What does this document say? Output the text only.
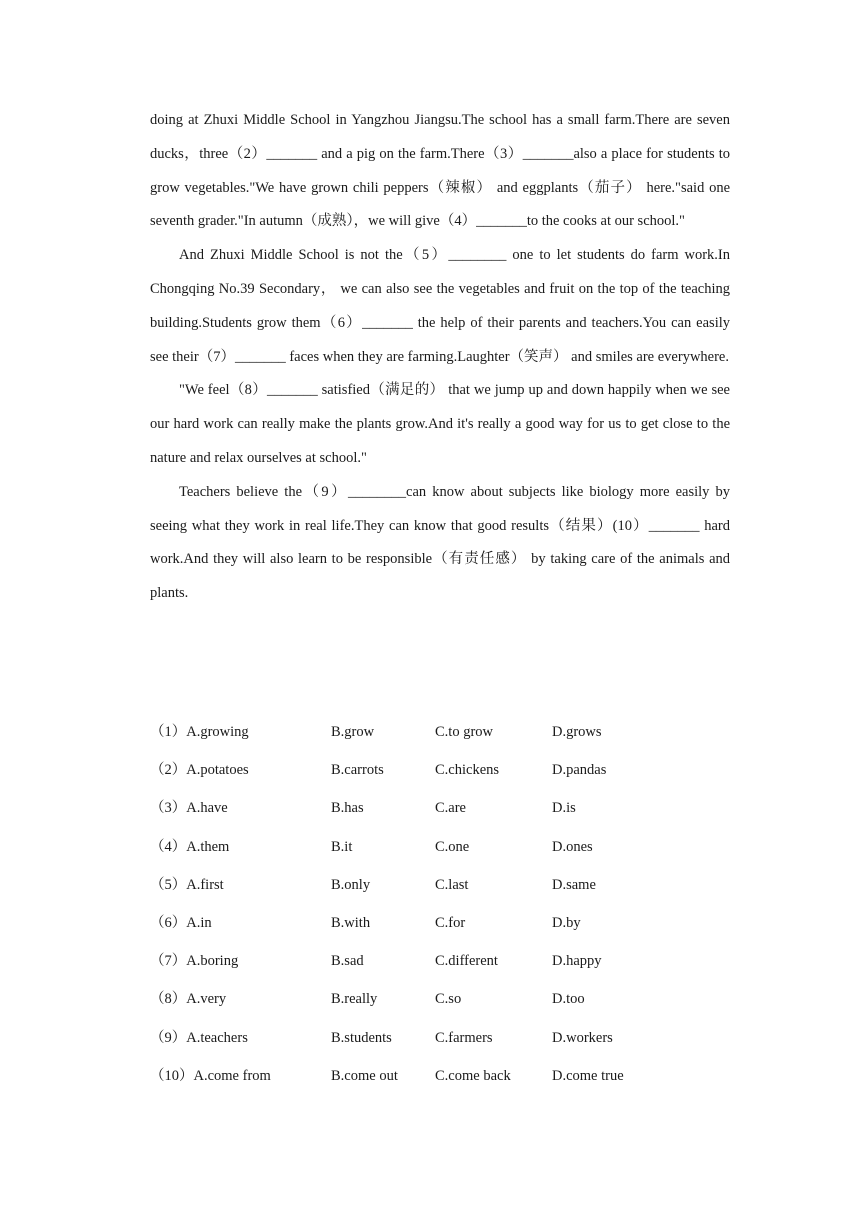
doing at Zhuxi Middle School in Yangzhou Jiangsu.The school has a small farm.There are seven ducks，three（2）_______ and a pig on the farm.There（3）_______also a place for students to grow vegetables."We have grown chili peppers（辣椒） and eggplants（茄子） here."said one seventh grader."In autumn（成熟），we will give（4）_______to the cooks at our school."

And Zhuxi Middle School is not the（5）________ one to let students do farm work.In Chongqing No.39 Secondary， we can also see the vegetables and fruit on the top of the teaching building.Students grow them（6）_______ the help of their parents and teachers.You can easily see their（7）_______ faces when they are farming.Laughter（笑声） and smiles are everywhere.

"We feel（8）_______ satisfied（满足的） that we jump up and down happily when we see our hard work can really make the plants grow.And it's really a good way for us to get close to the nature and relax ourselves at school."

Teachers believe the（9）________can know about subjects like biology more easily by seeing what they work in real life.They can know that good results（结果）(10）_______ hard work.And they will also learn to be responsible（有责任感） by taking care of the animals and plants.

（1）A.growing	B.grow	C.to grow	D.grows
（2）A.potatoes	B.carrots	C.chickens	D.pandas
（3）A.have	B.has	C.are	D.is
（4）A.them	B.it	C.one	D.ones
（5）A.first	B.only	C.last	D.same
（6）A.in	B.with	C.for	D.by
（7）A.boring	B.sad	C.different	D.happy
（8）A.very	B.really	C.so	D.too
（9）A.teachers	B.students	C.farmers	D.workers
（10）A.come from	B.come out	C.come back	D.come true
